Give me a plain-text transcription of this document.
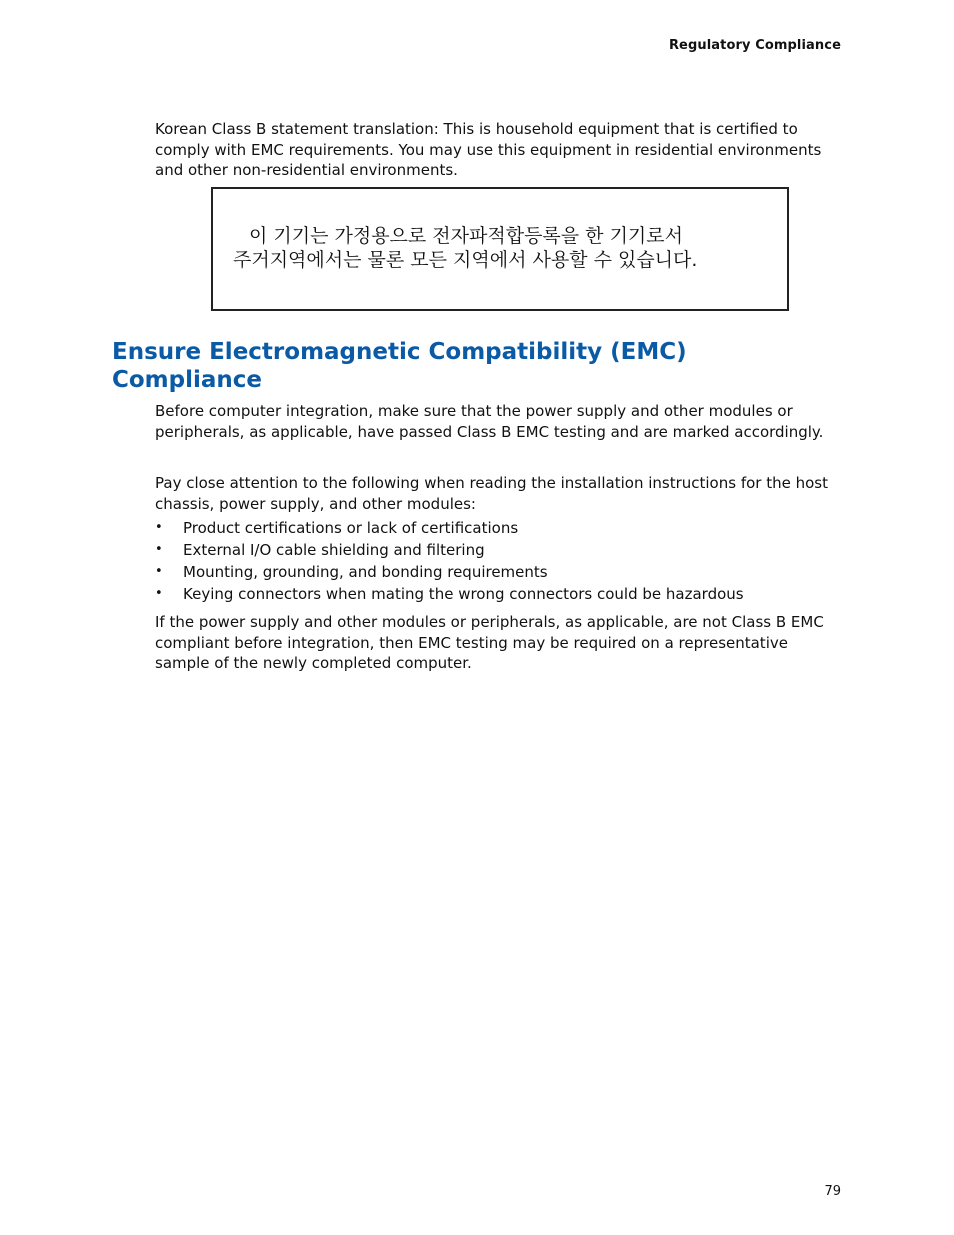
Regulatory Compliance

Korean Class B statement translation: This is household equipment that is certified to comply with EMC requirements. You may use this equipment in residential environments and other non-residential environments.

이 기기는 가정용으로 전자파적합등록을 한 기기로서
주거지역에서는 물론 모든 지역에서 사용할 수 있습니다.
Ensure Electromagnetic Compatibility (EMC) Compliance

Before computer integration, make sure that the power supply and other modules or peripherals, as applicable, have passed Class B EMC testing and are marked accordingly.

Pay close attention to the following when reading the installation instructions for the host chassis, power supply, and other modules:

• Product certifications or lack of certifications
• External I/O cable shielding and filtering
• Mounting, grounding, and bonding requirements
• Keying connectors when mating the wrong connectors could be hazardous

If the power supply and other modules or peripherals, as applicable, are not Class B EMC compliant before integration, then EMC testing may be required on a representative sample of the newly completed computer.

79
